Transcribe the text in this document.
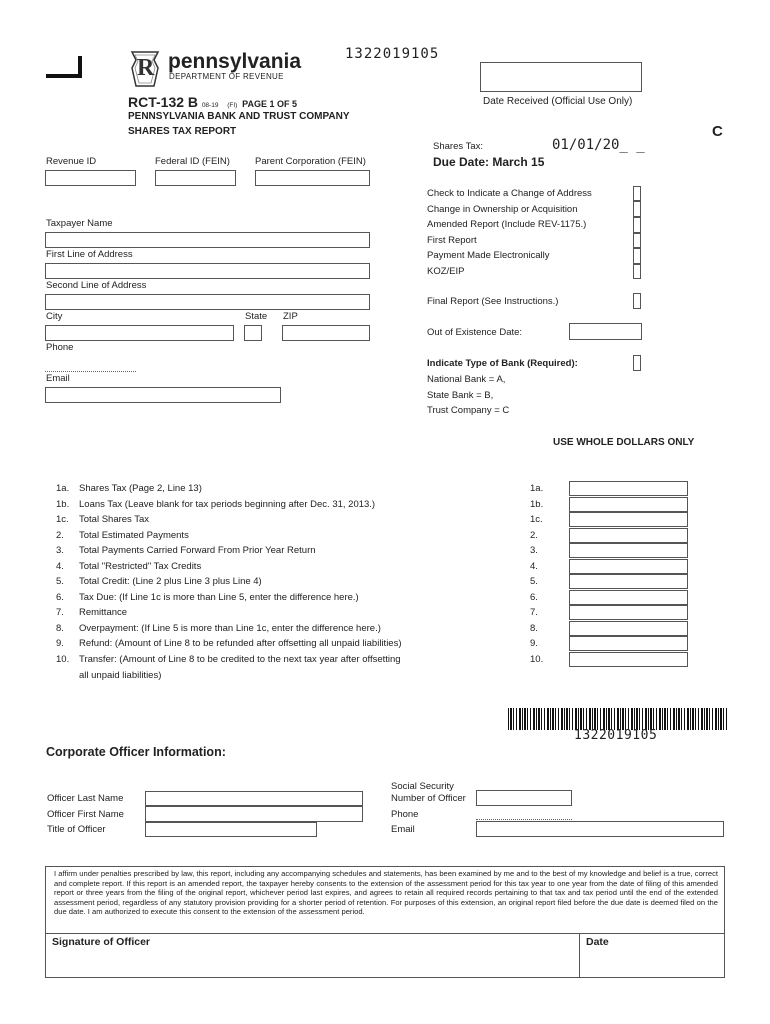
R pennsylvania
DEPARTMENT OF REVENUE
1322019105
Date Received (Official Use Only)
C
RCT-132 B 08-19 (FI) PAGE 1 OF 5
PENNSYLVANIA BANK AND TRUST COMPANY
SHARES TAX REPORT
Shares Tax:	01/01/20_ _
Due Date: March 15
Revenue ID	Federal ID (FEIN)	Parent Corporation (FEIN)
Taxpayer Name
First Line of Address
Second Line of Address
City	State ZIP
Phone
Email
Check to Indicate a Change of Address
Change in Ownership or Acquisition
Amended Report (Include REV-1175.)
First Report
Payment Made Electronically
KOZ/EIP
Final Report (See Instructions.)
Out of Existence Date:
Indicate Type of Bank (Required):
National Bank = A,
State Bank = B,
Trust Company = C
USE WHOLE DOLLARS ONLY
1a. Shares Tax (Page 2, Line 13)	1a.
1b. Loans Tax (Leave blank for tax periods beginning after Dec. 31, 2013.)	1b.
1c. Total Shares Tax	1c.
2. Total Estimated Payments	2.
3. Total Payments Carried Forward From Prior Year Return	3.
4. Total "Restricted" Tax Credits	4.
5. Total Credit: (Line 2 plus Line 3 plus Line 4)	5.
6. Tax Due: (If Line 1c is more than Line 5, enter the difference here.)	6.
7. Remittance	7.
8. Overpayment: (If Line 5 is more than Line 1c, enter the difference here.)	8.
9. Refund: (Amount of Line 8 to be refunded after offsetting all unpaid liabilities)	9.
10. Transfer: (Amount of Line 8 to be credited to the next tax year after offsetting	10.
all unpaid liabilities)
1322019105
Corporate Officer Information:
Officer Last Name
Officer First Name
Title of Officer
Social Security
Number of Officer
Phone
Email
I affirm under penalties prescribed by law, this report, including any accompanying schedules and statements, has been examined by me and to the best of my knowledge and belief is a true, correct and complete report. If this report is an amended report, the taxpayer hereby consents to the extension of the assessment period for this tax year to one year from the date of filing of this amended report or three years from the filing of the original report, whichever period last expires, and agrees to retain all required records pertaining to that tax and tax period until the end of the extended assessment period, regardless of any statutory provision providing for a shorter period of retention. For purposes of this extension, an original report filed before the due date is deemed filed on the due date. I am authorized to execute this consent to the extension of the assessment period.
Signature of Officer	Date
